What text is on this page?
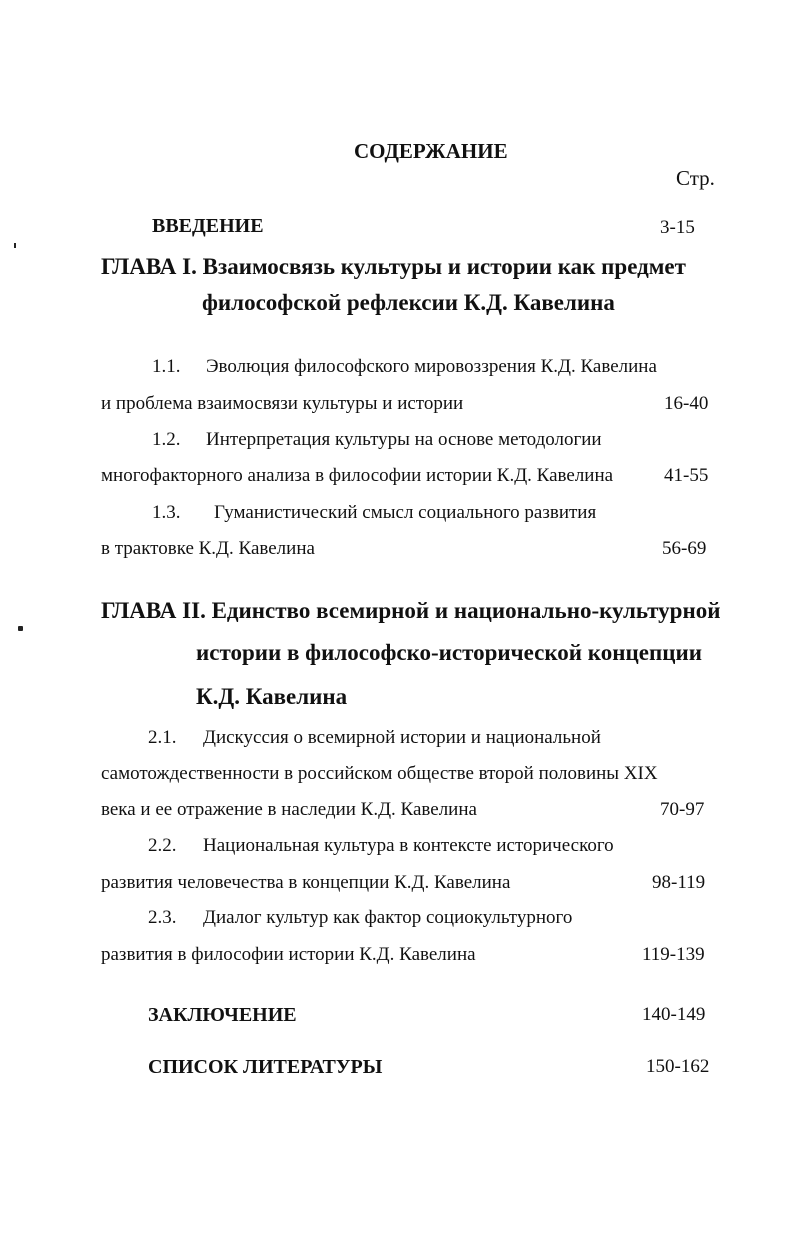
СОДЕРЖАНИЕ
Стр.
ВВЕДЕНИЕ	3-15
ГЛАВА I. Взаимосвязь культуры и истории как предмет
философской рефлексии К.Д. Кавелина
1.1. Эволюция философского мировоззрения К.Д. Кавелина
и проблема взаимосвязи культуры и истории	16-40
1.2. Интерпретация культуры на основе методологии
многофакторного анализа в философии истории К.Д. Кавелина	41-55
1.3. Гуманистический смысл социального развития
в трактовке К.Д. Кавелина	56-69
ГЛАВА II. Единство всемирной и национально-культурной
истории в философско-исторической концепции
К.Д. Кавелина
2.1. Дискуссия о всемирной истории и национальной
самотождественности в российском обществе второй половины XIX
века и ее отражение в наследии К.Д. Кавелина	70-97
2.2. Национальная культура в контексте исторического
развития человечества в концепции К.Д. Кавелина	98-119
2.3. Диалог культур как фактор социокультурного
развития в философии истории К.Д. Кавелина	119-139
ЗАКЛЮЧЕНИЕ	140-149
СПИСОК ЛИТЕРАТУРЫ	150-162
